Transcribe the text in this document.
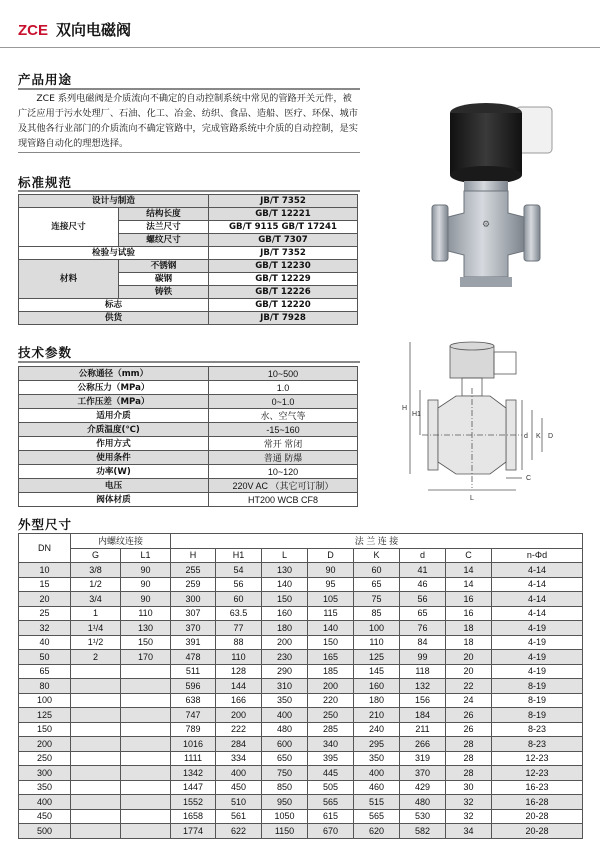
ZCE 双向电磁阀
产品用途

ZCE 系列电磁阀是介质流向不确定的自动控制系统中常见的管路开关元件，被广泛应用于污水处理厂、石油、化工、冶金、纺织、食品、造船、医疗、环保、城市及其他各行业部门的介质流向不确定管路中，完成管路系统中介质的自动控制，是实现管路自动化的理想选择。

标准规范
设计与制造		JB/T 7352
连接尺寸	结构长度	GB/T 12221
	法兰尺寸	GB/T 9115 GB/T 17241
	螺纹尺寸	GB/T 7307
检验与试验		JB/T 7352
材料	不锈钢	GB/T 12230
	碳钢	GB/T 12229
	铸铁	GB/T 12226
标志		GB/T 12220
供货		JB/T 7928
技术参数
公称通径（mm）	10~500
公称压力（MPa）	1.0
工作压差（MPa）	0~1.0
适用介质	水、空气等
介质温度(℃)	-15~160
作用方式	常开 常闭
使用条件	普通 防爆
功率(W)	10~120
电压	220V AC （其它可订制）
阀体材质	HT200 WCB CF8
外型尺寸
DN	内螺纹连接		法 兰 连 接							
	G	L1	H	H1	L	D	K	d	C	n-Φd
10	3/8	90	255	54	130	90	60	41	14	4-14
15	1/2	90	259	56	140	95	65	46	14	4-14
20	3/4	90	300	60	150	105	75	56	16	4-14
25	1	110	307	63.5	160	115	85	65	16	4-14
32	1¹/4	130	370	77	180	140	100	76	18	4-19
40	1¹/2	150	391	88	200	150	110	84	18	4-19
50	2	170	478	110	230	165	125	99	20	4-19
65			511	128	290	185	145	118	20	4-19
80			596	144	310	200	160	132	22	8-19
100			638	166	350	220	180	156	24	8-19
125			747	200	400	250	210	184	26	8-19
150			789	222	480	285	240	211	26	8-23
200			1016	284	600	340	295	266	28	8-23
250			1111	334	650	395	350	319	28	12-23
300			1342	400	750	445	400	370	28	12-23
350			1447	450	850	505	460	429	30	16-23
400			1552	510	950	565	515	480	32	16-28
450			1658	561	1050	615	565	530	32	20-28
500			1774	622	1150	670	620	582	34	20-28
⚙
H
H1
L
C
D
K
d
